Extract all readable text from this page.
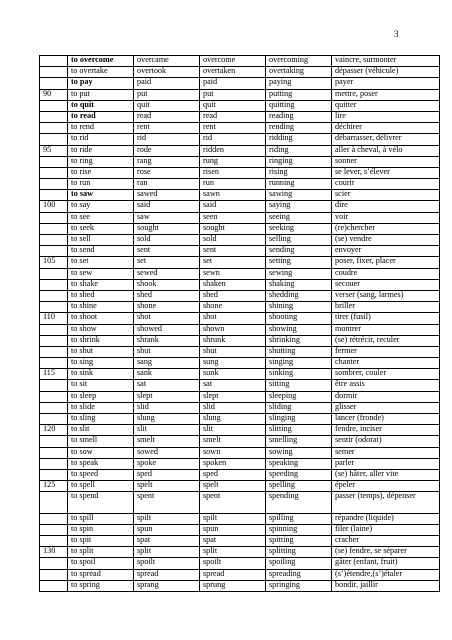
3
	to overcome	overcame	overcome	overcoming	vaincre, surmonter
	to overtake	overtook	overtaken	overtaking	dépasser (véhicule)
	to pay	paid	paid	paying	payer
90	to put	put	put	putting	mettre, poser
	to quit	quit	quit	quitting	quitter
	to read	read	read	reading	lire
	to rend	rent	rent	rending	déchirer
	to rid	rid	rid	ridding	débarrasser, délivrer
95	to ride	rode	ridden	riding	aller à cheval, à vélo
	to ring	rang	rung	ringing	sonner
	to rise	rose	risen	rising	se lever, s’élever
	to run	ran	run	running	courir
	to saw	sawed	sawn	sawing	scier
100	to say	said	said	saying	dire
	to see	saw	seen	seeing	voir
	to seek	sought	sought	seeking	(re)chercher
	to sell	sold	sold	selling	(se) vendre
	to send	sent	sent	sending	envoyer
105	to set	set	set	setting	poser, fixer, placer
	to sew	sewed	sewn	sewing	coudre
	to shake	shook	shaken	shaking	secouer
	to shed	shed	shed	shedding	verser (sang, larmes)
	to shine	shone	shone	shining	briller
110	to shoot	shot	shot	shooting	tirer (fusil)
	to show	showed	shown	showing	montrer
	to shrink	shrank	shrunk	shrinking	(se) rétrécir, reculer
	to shut	shut	shut	shutting	fermer
	to sing	sang	sung	singing	chanter
115	to sink	sank	sunk	sinking	sombrer, couler
	to sit	sat	sat	sitting	être assis
	to sleep	slept	slept	sleeping	dormir
	to slide	slid	slid	sliding	glisser
	to sling	slung	slung	slinging	lancer (fronde)
120	to slit	slit	slit	slitting	fendre, inciser
	to smell	smelt	smelt	smelling	sentir (odorat)
	to sow	sowed	sown	sowing	semer
	to speak	spoke	spoken	speaking	parler
	to speed	sped	sped	speeding	(se) hâter, aller vite
125	to spell	spelt	spelt	spelling	épeler
	to spend	spent	spent	spending	passer (temps), dépenser
	to spill	spilt	spilt	spilling	répandre (liquide)
	to spin	spun	spun	spinning	filer (laine)
	to spit	spat	spat	spitting	cracher
130	to split	split	split	splitting	(se) fendre, se séparer
	to spoil	spoilt	spoilt	spoiling	gâter (enfant, fruit)
	to spread	spread	spread	spreading	(s’)étendre,(s’)étaler
	to spring	sprang	sprung	springing	bondir, jaillir
